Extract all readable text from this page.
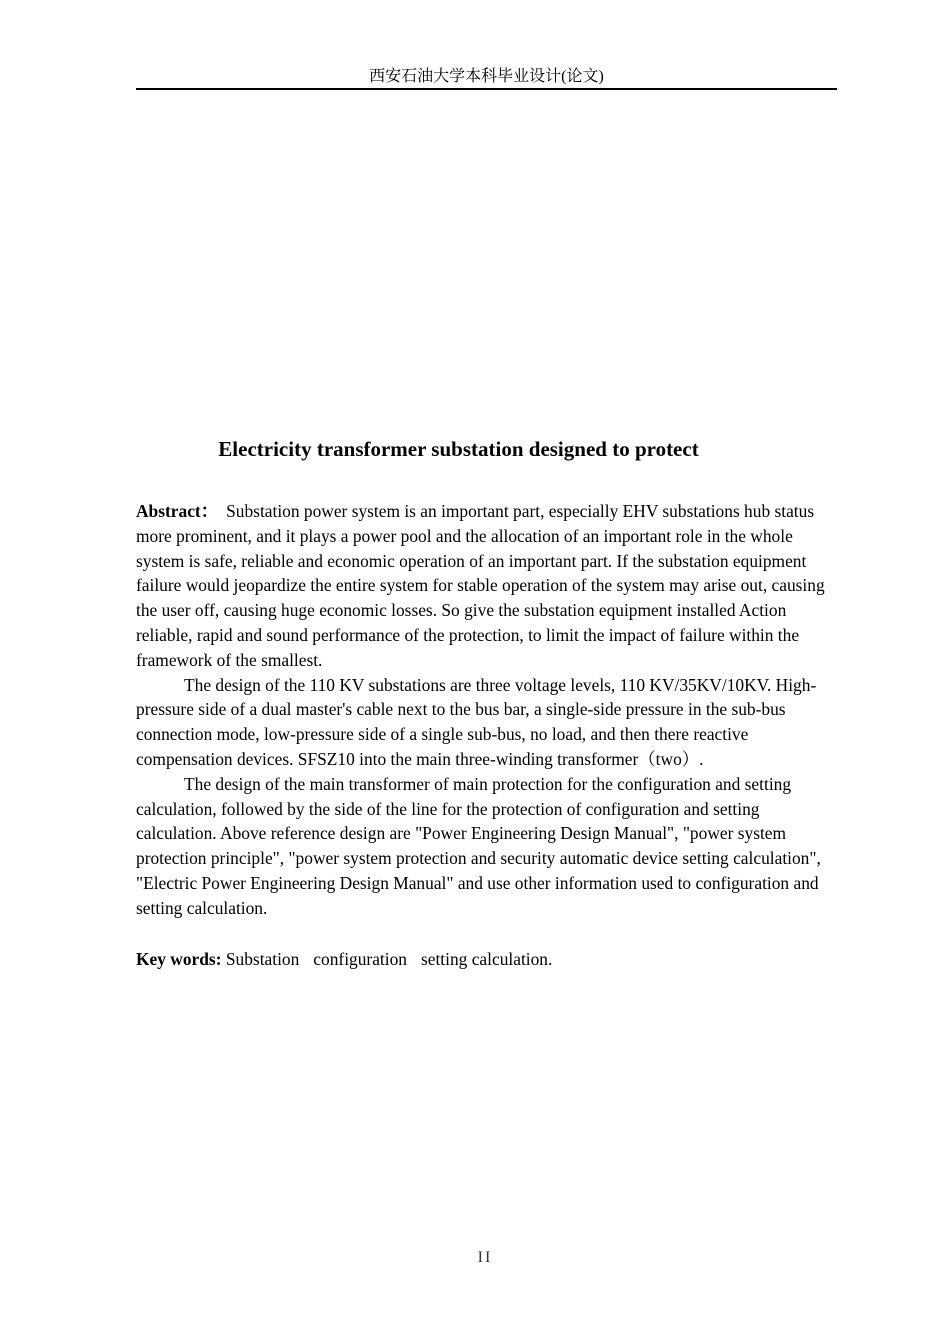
西安石油大学本科毕业设计(论文)
Electricity transformer substation designed to protect

Abstract： Substation power system is an important part, especially EHV substations hub status more prominent, and it plays a power pool and the allocation of an important role in the whole system is safe, reliable and economic operation of an important part. If the substation equipment failure would jeopardize the entire system for stable operation of the system may arise out, causing the user off, causing huge economic losses. So give the substation equipment installed Action reliable, rapid and sound performance of the protection, to limit the impact of failure within the framework of the smallest.

The design of the 110 KV substations are three voltage levels, 110 KV/35KV/10KV. High-pressure side of a dual master's cable next to the bus bar, a single-side pressure in the sub-bus connection mode, low-pressure side of a single sub-bus, no load, and then there reactive compensation devices. SFSZ10 into the main three-winding transformer（two）.

The design of the main transformer of main protection for the configuration and setting calculation, followed by the side of the line for the protection of configuration and setting calculation. Above reference design are "Power Engineering Design Manual", "power system protection principle", "power system protection and security automatic device setting calculation", "Electric Power Engineering Design Manual" and use other information used to configuration and setting calculation.

Key words: Substation configuration setting calculation.
II
